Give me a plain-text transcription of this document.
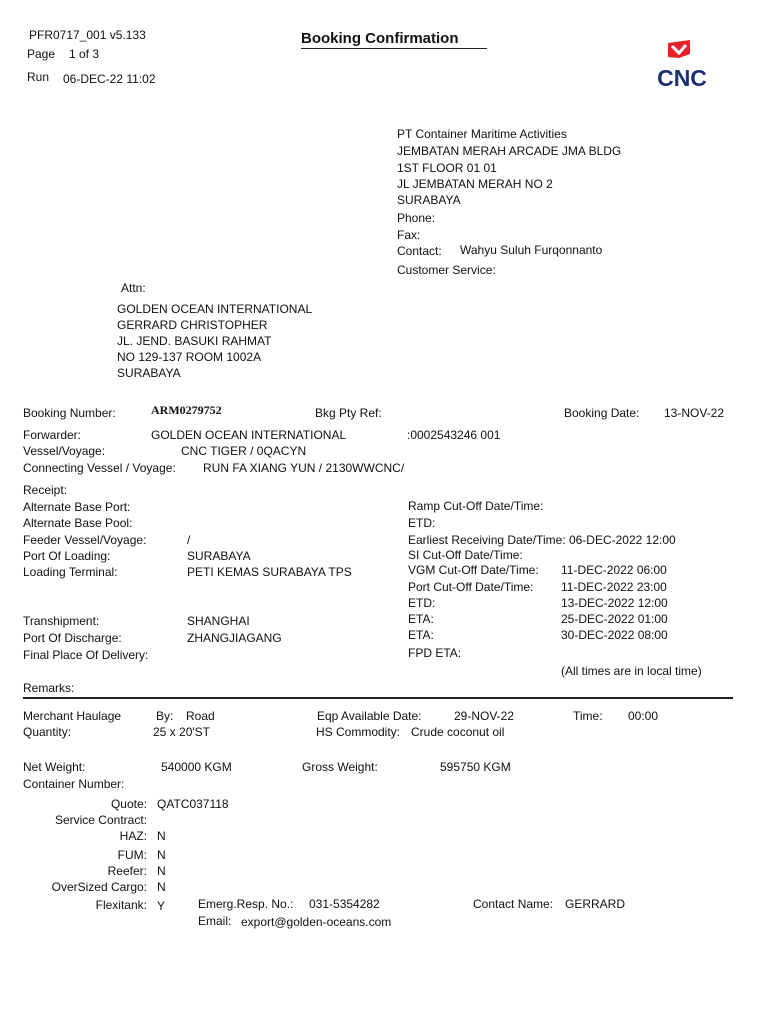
PFR0717_001 v5.133
Page 1 of 3
Run 06-DEC-22 11:02
Booking Confirmation
CNC
PT Container Maritime Activities
JEMBATAN MERAH ARCADE JMA BLDG
1ST FLOOR 01 01
JL JEMBATAN MERAH NO 2
SURABAYA
Phone:
Fax:
Contact: Wahyu Suluh Furqonnanto
Customer Service:
Attn:
GOLDEN OCEAN INTERNATIONAL
GERRARD CHRISTOPHER
JL. JEND. BASUKI RAHMAT
NO 129-137 ROOM 1002A
SURABAYA
Booking Number:	ARM0279752	Bkg Pty Ref:	Booking Date: 13-NOV-22
Forwarder:	GOLDEN OCEAN INTERNATIONAL	:0002543246 001
Vessel/Voyage:	CNC TIGER / 0QACYN
Connecting Vessel / Voyage: RUN FA XIANG YUN / 2130WWCNC/
Receipt:
Alternate Base Port:
Alternate Base Pool:
Feeder Vessel/Voyage:	/
Port Of Loading:	SURABAYA
Loading Terminal:	PETI KEMAS SURABAYA TPS
Transhipment:	SHANGHAI
Port Of Discharge:	ZHANGJIAGANG
Final Place Of Delivery:
Ramp Cut-Off Date/Time:
ETD:
Earliest Receiving Date/Time: 06-DEC-2022 12:00
SI Cut-Off Date/Time:
VGM Cut-Off Date/Time: 11-DEC-2022 06:00
Port Cut-Off Date/Time: 11-DEC-2022 23:00
ETD:	13-DEC-2022 12:00
ETA:	25-DEC-2022 01:00
ETA:	30-DEC-2022 08:00
FPD ETA:
(All times are in local time)
Remarks:
Merchant Haulage	By: Road	Eqp Available Date:	29-NOV-22	Time: 00:00
Quantity:	25 x 20'ST	HS Commodity: Crude coconut oil
Net Weight:	540000 KGM	Gross Weight:	595750 KGM
Container Number:
Quote: QATC037118
Service Contract:
HAZ: N
FUM: N
Reefer: N
OverSized Cargo: N
Flexitank: Y	Emerg.Resp. No.: 031-5354282	Contact Name: GERRARD
Email: export@golden-oceans.com
